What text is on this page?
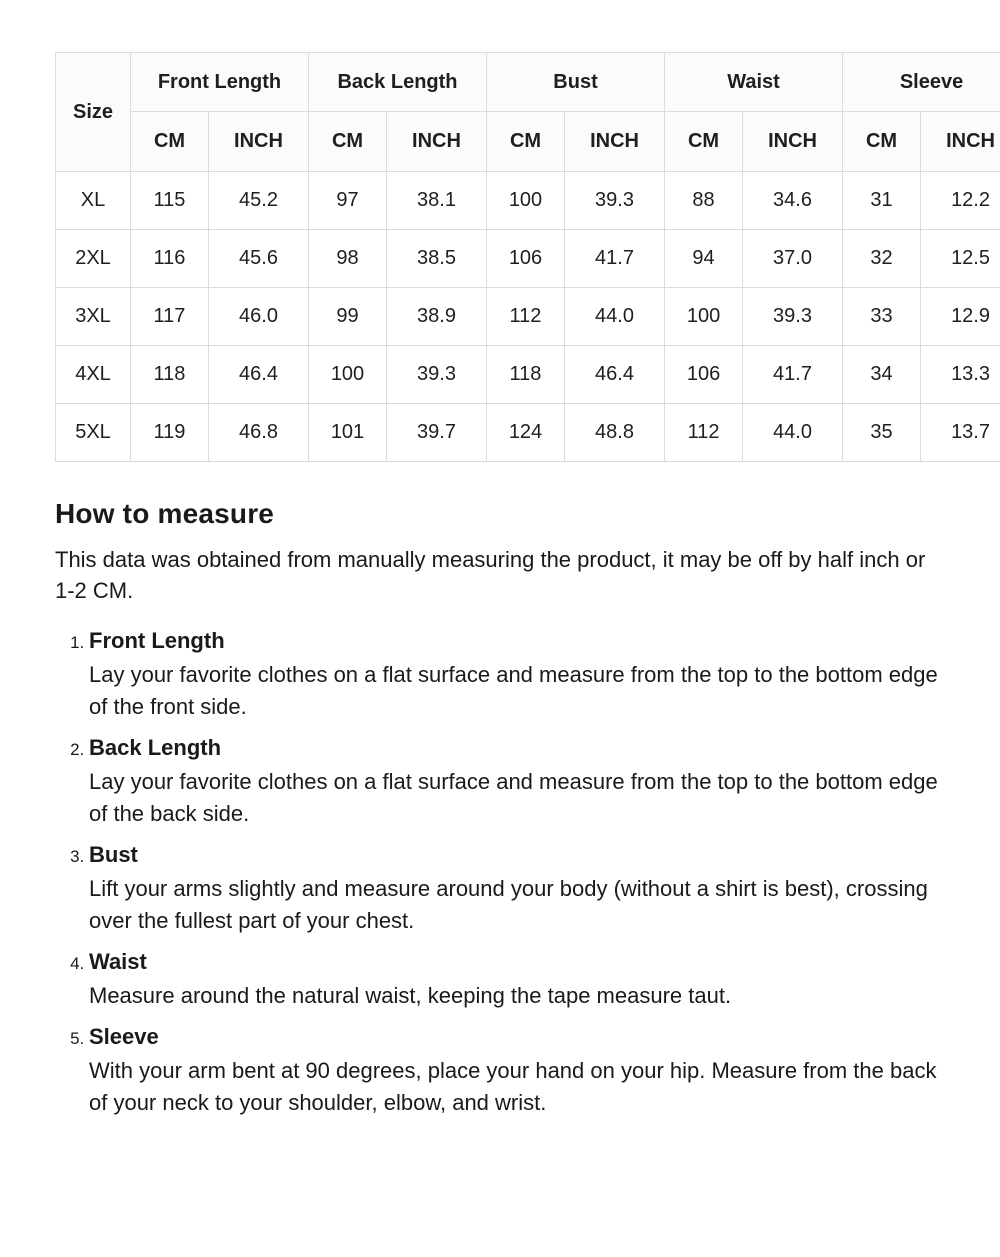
Size	Front Length		Back Length		Bust		Waist		Sleeve	
	CM	INCH	CM	INCH	CM	INCH	CM	INCH	CM	INCH
XL	115	45.2	97	38.1	100	39.3	88	34.6	31	12.2
2XL	116	45.6	98	38.5	106	41.7	94	37.0	32	12.5
3XL	117	46.0	99	38.9	112	44.0	100	39.3	33	12.9
4XL	118	46.4	100	39.3	118	46.4	106	41.7	34	13.3
5XL	119	46.8	101	39.7	124	48.8	112	44.0	35	13.7
How to measure

This data was obtained from manually measuring the product, it may be off by half inch or 1-2 CM.

1. Front Length
Lay your favorite clothes on a flat surface and measure from the top to the bottom edge of the front side.
2. Back Length
Lay your favorite clothes on a flat surface and measure from the top to the bottom edge of the back side.
3. Bust
Lift your arms slightly and measure around your body (without a shirt is best), crossing over the fullest part of your chest.
4. Waist
Measure around the natural waist, keeping the tape measure taut.
5. Sleeve
With your arm bent at 90 degrees, place your hand on your hip. Measure from the back of your neck to your shoulder, elbow, and wrist.
